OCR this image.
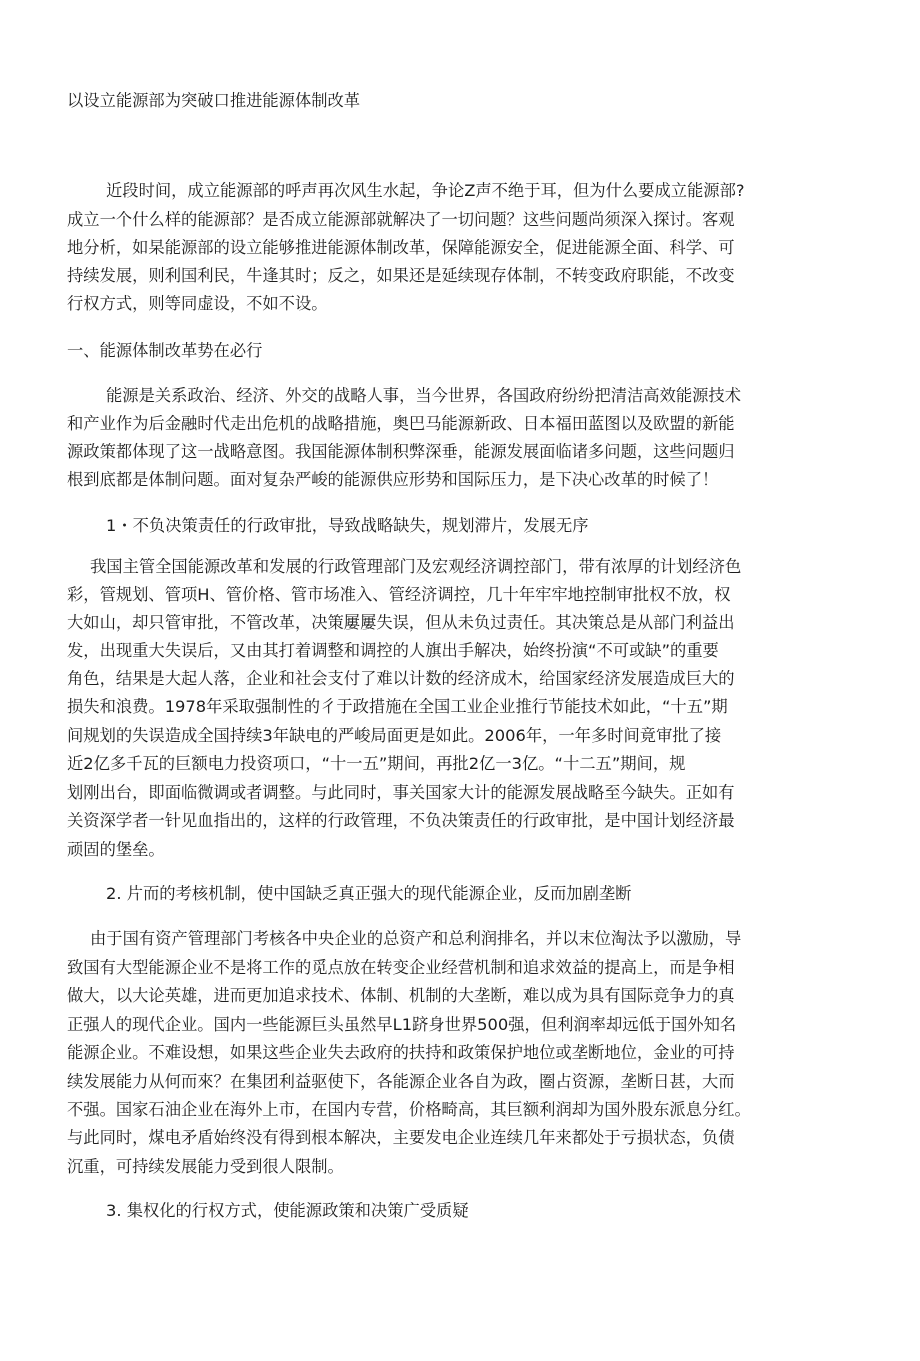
以设立能源部为突破口推进能源体制改革
近段时间，成立能源部的呼声再次风生水起，争论Z声不绝于耳，但为什么要成立能源部?
成立一个什么样的能源部？是否成立能源部就解决了一切问题？这些问题尚须深入探讨。客观
地分析，如杲能源部的设立能够推进能源体制改革，保障能源安全，促进能源全面、科学、可
持续发展，则利国利民，牛逢其时；反之，如果还是延续现存体制，不转变政府职能，不改变
行权方式，则等同虚设，不如不设。
一、能源体制改革势在必行
能源是关系政治、经济、外交的战略人事，当今世界，各国政府纷纷把清洁高效能源技术
和产业作为后金融时代走出危机的战略措施，奥巴马能源新政、日本福田蓝图以及欧盟的新能
源政策都体现了这一战略意图。我国能源体制积弊深垂，能源发展面临诸多问题，这些问题归
根到底都是体制问题。面对复杂严峻的能源供应形势和国际压力，是下决心改革的时候了！
1・不负决策责任的行政审批，导致战略缺失，规划滞片，发展无序
我国主管全国能源改革和发展的行政管理部门及宏观经济调控部门，带有浓厚的计划经济色
彩，管规划、管项H、管价格、管市场准入、管经济调控，几十年牢牢地控制审批权不放，权
大如山，却只管审批，不管改革，决策屢屢失误，但从未负过责任。其决策总是从部门利益出
发，出现重大失误后，又由其打着调整和调控的人旗出手解决，始终扮演“不可或缺”的重要
角色，结果是大起人落，企业和社会支付了难以计数的经济成木，给国家经济发展造成巨大的
损失和浪费。1978年采取强制性的彳于政措施在全国工业企业推行节能技术如此，“十五”期
间规划的失误造成全国持续3年缺电的严峻局面更是如此。2006年，一年多时间竟审批了接
近2亿多千瓦的巨额电力投资项口，“十一五”期间，再批2亿一3亿。“十二五”期间，规
划刚出台，即面临微调或者调整。与此同时，事关国家大计的能源发展战略至今缺失。正如有
关资深学者一针见血指出的，这样的行政管理，不负决策责任的行政审批，是中国计划经济最
顽固的堡垒。
2. 片而的考核机制，使中国缺乏真正强大的现代能源企业，反而加剧垄断
由于国有资产管理部门考核各中央企业的总资产和总利润排名，并以末位淘汰予以激励，导
致国有大型能源企业不是将工作的觅点放在转变企业经营机制和追求效益的提高上，而是争相
做大，以大论英雄，进而更加追求技术、体制、机制的大垄断，难以成为具有国际竞争力的真
正强人的现代企业。国内一些能源巨头虽然早L1跻身世界500强，但利润率却远低于国外知名
能源企业。不难设想，如果这些企业失去政府的扶持和政策保护地位或垄断地位，金业的可持
续发展能力从何而來？在集团利益驱使下，各能源企业各自为政，圈占资源，垄断日甚，大而
不强。国家石油企业在海外上市，在国内专营，价格畸高，其巨额利润却为国外股东派息分红。
与此同时，煤电矛盾始终没有得到根本解决，主要发电企业连续几年来都处于亏损状态，负债
沉重，可持续发展能力受到很人限制。
3. 集权化的行权方式，使能源政策和决策广受质疑
